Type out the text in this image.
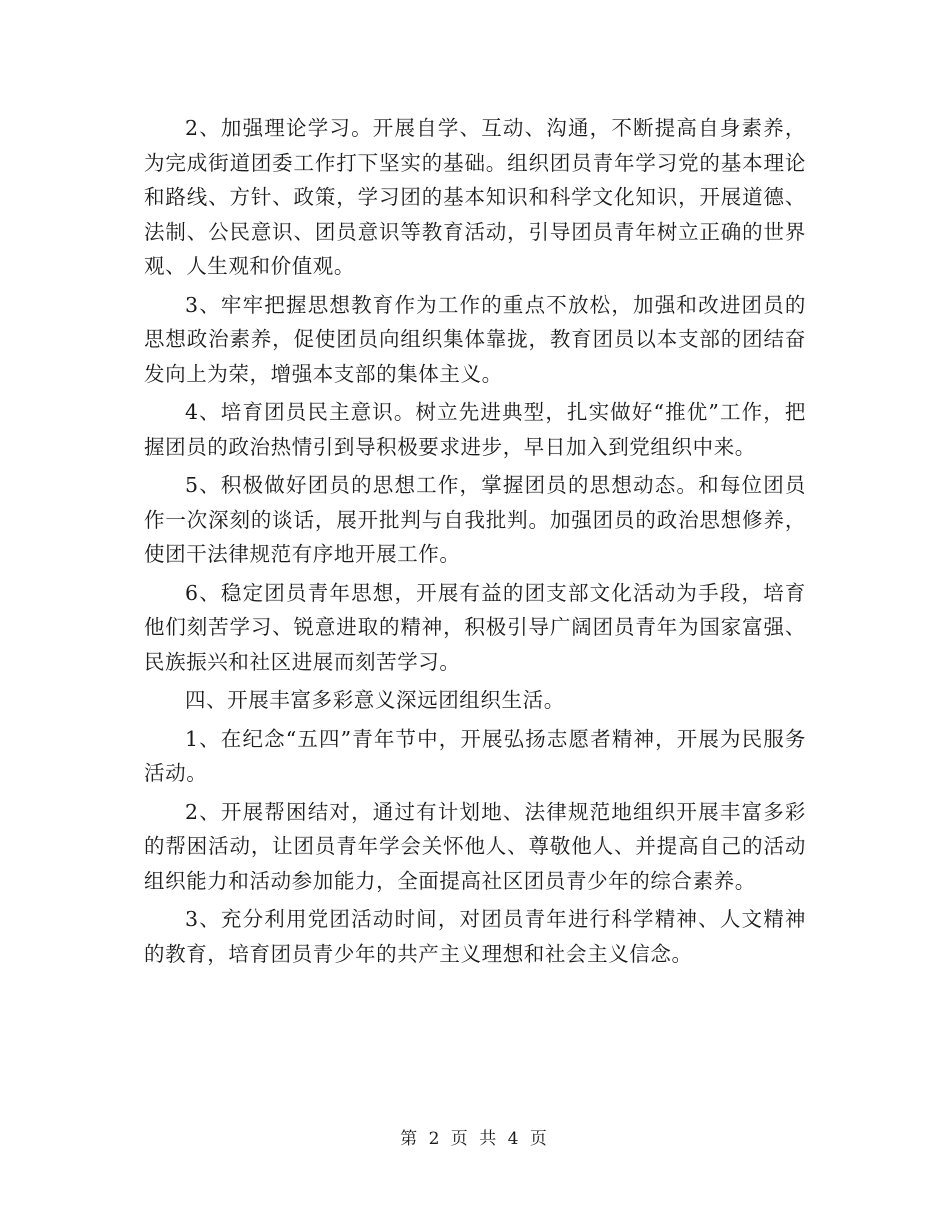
2、加强理论学习。开展自学、互动、沟通，不断提高自身素养，为完成街道团委工作打下坚实的基础。组织团员青年学习党的基本理论和路线、方针、政策，学习团的基本知识和科学文化知识，开展道德、法制、公民意识、团员意识等教育活动，引导团员青年树立正确的世界观、人生观和价值观。

3、牢牢把握思想教育作为工作的重点不放松，加强和改进团员的思想政治素养，促使团员向组织集体靠拢，教育团员以本支部的团结奋发向上为荣，增强本支部的集体主义。

4、培育团员民主意识。树立先进典型，扎实做好“推优”工作，把握团员的政治热情引到导积极要求进步，早日加入到党组织中来。

5、积极做好团员的思想工作，掌握团员的思想动态。和每位团员作一次深刻的谈话，展开批判与自我批判。加强团员的政治思想修养，使团干法律规范有序地开展工作。

6、稳定团员青年思想，开展有益的团支部文化活动为手段，培育他们刻苦学习、锐意进取的精神，积极引导广阔团员青年为国家富强、民族振兴和社区进展而刻苦学习。

四、开展丰富多彩意义深远团组织生活。

1、在纪念“五四”青年节中，开展弘扬志愿者精神，开展为民服务活动。

2、开展帮困结对，通过有计划地、法律规范地组织开展丰富多彩的帮困活动，让团员青年学会关怀他人、尊敬他人、并提高自己的活动组织能力和活动参加能力，全面提高社区团员青少年的综合素养。

3、充分利用党团活动时间，对团员青年进行科学精神、人文精神的教育，培育团员青少年的共产主义理想和社会主义信念。

第 2 页 共 4 页
